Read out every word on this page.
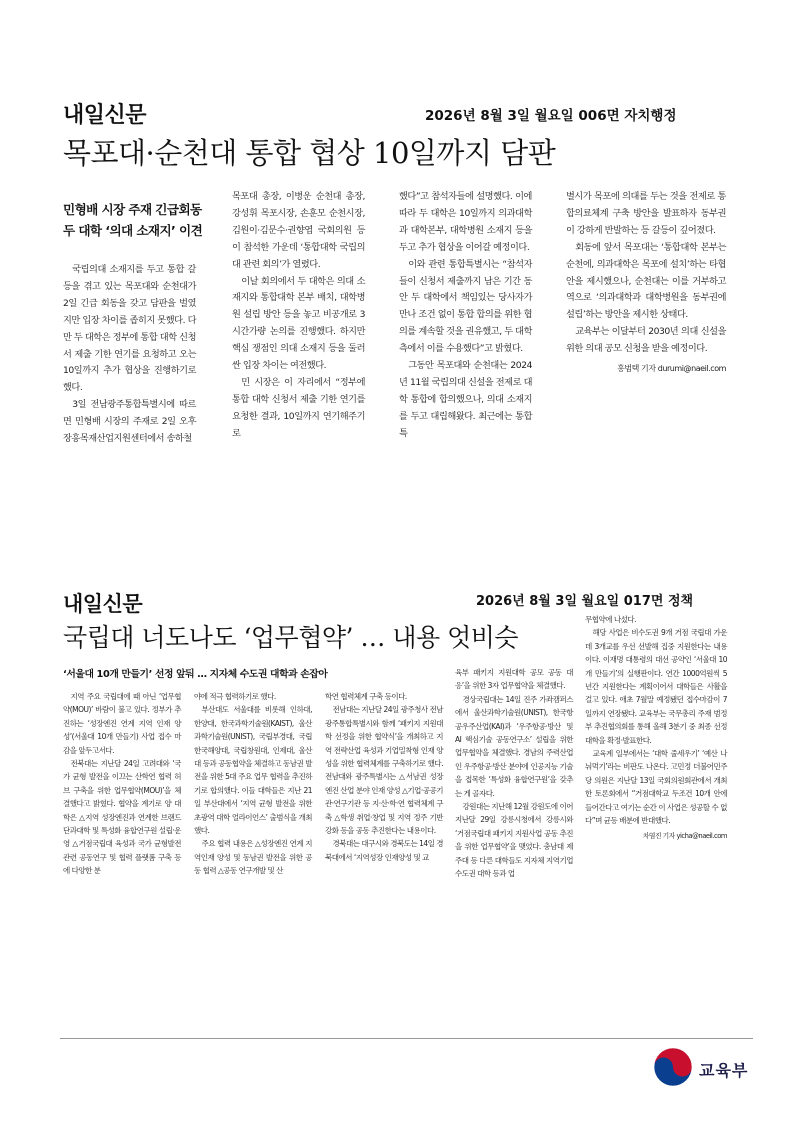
내일신문	2026년 8월 3일 월요일 006면 자치행정
목포대·순천대 통합 협상 10일까지 담판
민형배 시장 주재 긴급회동
두 대학 ‘의대 소재지’ 이견

국립의대 소재지를 두고 통합 갈등을 겪고 있는 목포대와 순천대가 2일 긴급 회동을 갖고 담판을 벌였지만 입장 차이를 좁히지 못했다. 다만 두 대학은 정부에 통합 대학 신청서 제출 기한 연기를 요청하고 오는 10일까지 추가 협상을 진행하기로 했다.

3일 전남광주통합특별시에 따르면 민형배 시장의 주재로 2일 오후 장흥목재산업지원센터에서 송하철

목포대 총장, 이병운 순천대 총장, 강성휘 목포시장, 손훈모 순천시장, 김원이·김문수·권향엽 국회의원 등이 참석한 가운데 ‘통합대학 국립의대 관련 회의’가 열렸다.

이날 회의에서 두 대학은 의대 소재지와 통합대학 본부 배치, 대학병원 설립 방안 등을 놓고 비공개로 3시간가량 논의를 진행했다. 하지만 핵심 쟁점인 의대 소재지 등을 둘러싼 입장 차이는 여전했다.

민 시장은 이 자리에서 “정부에 통합 대학 신청서 제출 기한 연기를 요청한 결과, 10일까지 연기해주기로

했다”고 참석자들에 설명했다. 이에 따라 두 대학은 10일까지 의과대학과 대학본부, 대학병원 소재지 등을 두고 추가 협상을 이어갈 예정이다.

이와 관련 통합특별시는 “참석자들이 신청서 제출까지 남은 기간 동안 두 대학에서 책임있는 당사자가 만나 조건 없이 통합 합의를 위한 협의를 계속할 것을 권유했고, 두 대학 측에서 이를 수용했다”고 밝혔다.

그동안 목포대와 순천대는 2024년 11월 국립의대 신설을 전제로 대학 통합에 합의했으나, 의대 소재지를 두고 대립해왔다. 최근에는 통합특

별시가 목포에 의대를 두는 것을 전제로 통합의료체계 구축 방안을 발표하자 동부권이 강하게 반발하는 등 갈등이 깊어졌다.

회동에 앞서 목포대는 ‘통합대학 본부는 순천에, 의과대학은 목포에 설치’하는 타협안을 제시했으나, 순천대는 이를 거부하고 역으로 ‘의과대학과 대학병원을 동부권에 설립’하는 방안을 제시한 상태다.

교육부는 이달부터 2030년 의대 신설을 위한 의대 공모 신청을 받을 예정이다.

홍범택 기자 durumi@naeil.com

내일신문	2026년 8월 3일 월요일 017면 정책
국립대 너도나도 ‘업무협약’ … 내용 엇비슷
‘서울대 10개 만들기’ 선정 앞둬 … 지자체 수도권 대학과 손잡아

지역 주요 국립대에 때 아닌 ‘업무협약(MOU)’ 바람이 불고 있다. 정부가 추진하는 ‘성장엔진 연계 지역 인재 양성’(서울대 10개 만들기) 사업 접수 마감을 앞두고서다.

전북대는 지난달 24일 고려대와 ‘국가 균형 발전을 이끄는 산학연 협력 허브 구축을 위한 업무협약(MOU)’을 체결했다고 밝혔다. 협약을 계기로 양 대학은 △지역 성장엔진과 연계한 브랜드 단과대학 및 특성화 융합연구원 설립·운영 △거점국립대 육성과 국가 균형발전 관련 공동연구 및 협력 플랫폼 구축 등에 다양한 분

야에 적극 협력하기로 했다.

부산대도 서울대를 비롯해 인하대, 한양대, 한국과학기술원(KAIST), 울산과학기술원(UNIST), 국립부경대, 국립한국해양대, 국립창원대, 인제대, 울산대 등과 공동협약을 체결하고 동남권 발전을 위한 5대 주요 업무 협력을 추진하기로 합의했다. 이들 대학들은 지난 21일 부산대에서 ‘지역 균형 발전을 위한 초광역 대학 얼라이언스’ 출범식을 개최했다.

주요 협력 내용은 △성장엔진 연계 지역인재 양성 및 동남권 발전을 위한 공동 협력 △공동 연구개발 및 산

학연 협력체계 구축 등이다.

전남대는 지난달 24일 광주청사 전남광주통합특별시와 함께 ‘패키지 지원대학 선정을 위한 협약식’을 개최하고 지역 전략산업 육성과 기업밀착형 인재 양성을 위한 협력체계를 구축하기로 했다. 전남대와 광주특별시는 △서남권 성장엔진 산업 분야 인재 양성 △기업·공공기관·연구기관 등 지·산·학·연 협력체계 구축 △학생 취업·창업 및 지역 정주 기반 강화 등을 공동 추진한다는 내용이다.

경북대는 대구시와 경북도는 14일 경북대에서 ‘지역성장 인재양성 및 교

육부 패키지 지원대학 공모 공동 대응’을 위한 3자 업무협약을 체결했다.

경상국립대는 14일 진주 가좌캠퍼스에서 울산과학기술원(UNIST), 한국항공우주산업(KAI)과 ‘우주항공·방산 및 AI 핵심기술 공동연구소’ 설립을 위한 업무협약을 체결했다. 경남의 주력산업인 우주항공·방산 분야에 인공지능 기술을 접목한 ‘특성화 융합연구원’을 갖추는 게 골자다.

강원대는 지난해 12월 강원도에 이어 지난달 29일 강릉시청에서 강릉시와 ‘거점국립대 패키지 지원사업 공동 추진을 위한 업무협약’을 맺었다. 충남대 제주대 등 다른 대학들도 지자체 지역기업 수도권 대학 등과 업

무협약에 나섰다.

해당 사업은 비수도권 9개 거점 국립대 가운데 3개교를 우선 선발해 집중 지원한다는 내용이다. 이재명 대통령의 대선 공약인 ‘서울대 10개 만들기’의 실행판이다. 연간 1000억원씩 5년간 지원한다는 계획이어서 대학들은 사활을 걸고 있다. 애초 7월말 예정됐던 접수마감이 7일까지 연장됐다. 교육부는 국무총리 주재 범정부 추진협의회를 통해 올해 3분기 중 최종 선정 대학을 확정·발표한다.

교육계 일부에서는 ‘대학 줄세우기’ ‘예산 나눠먹기’라는 비판도 나온다. 고민정 더불어민주당 의원은 지난달 13일 국회의원회관에서 개최한 토론회에서 “거점대학교 두조건 10개 안에 들어간다고 여기는 순간 이 사업은 성공할 수 없다”며 균등 배분에 반대했다.

차염진 기자 yicha@naeil.com

교육부
